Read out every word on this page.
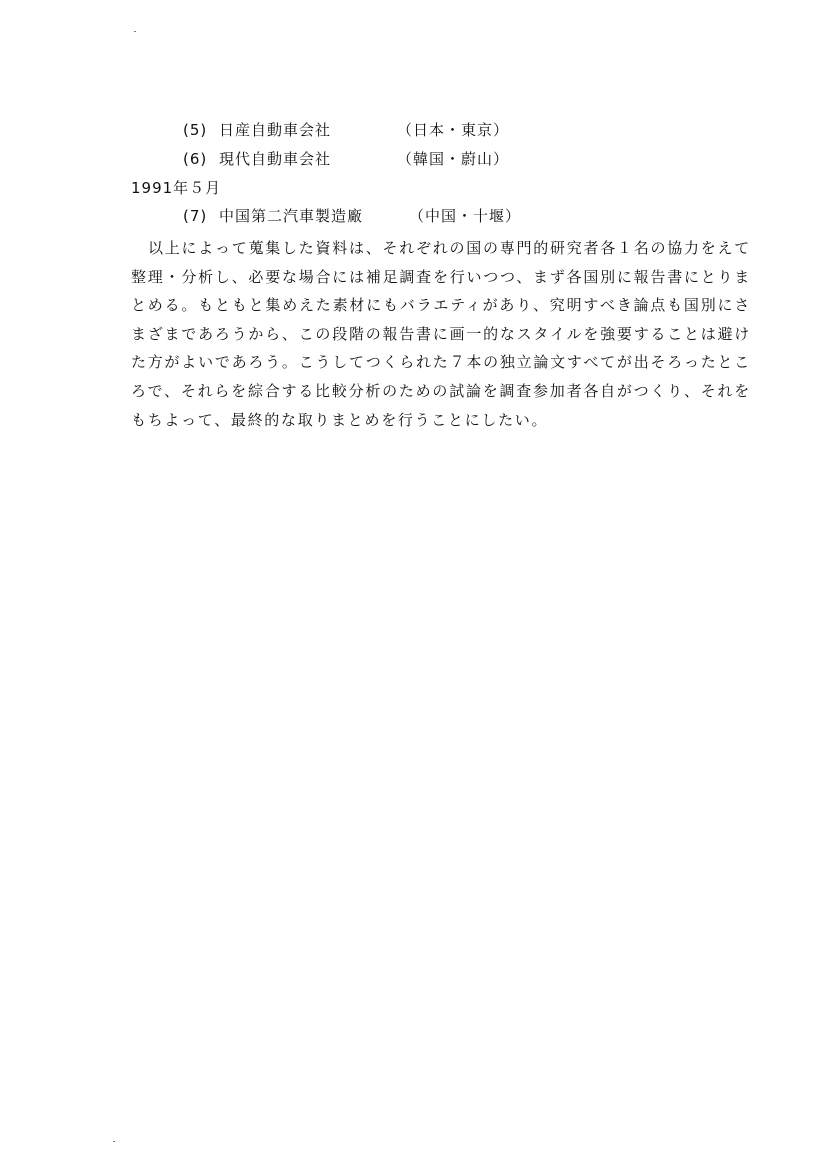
(5) 日産自動車会社	（日本・東京）
(6) 現代自動車会社	（韓国・蔚山）
1991年５月
(7) 中国第二汽車製造廠	（中国・十堰）
以上によって蒐集した資料は、それぞれの国の専門的研究者各１名の協力をえて整理・分析し、必要な場合には補足調査を行いつつ、まず各国別に報告書にとりまとめる。もともと集めえた素材にもバラエティがあり、究明すべき論点も国別にさまざまであろうから、この段階の報告書に画一的なスタイルを強要することは避けた方がよいであろう。こうしてつくられた７本の独立論文すべてが出そろったところで、それらを綜合する比較分析のための試論を調査参加者各自がつくり、それをもちよって、最終的な取りまとめを行うことにしたい。
